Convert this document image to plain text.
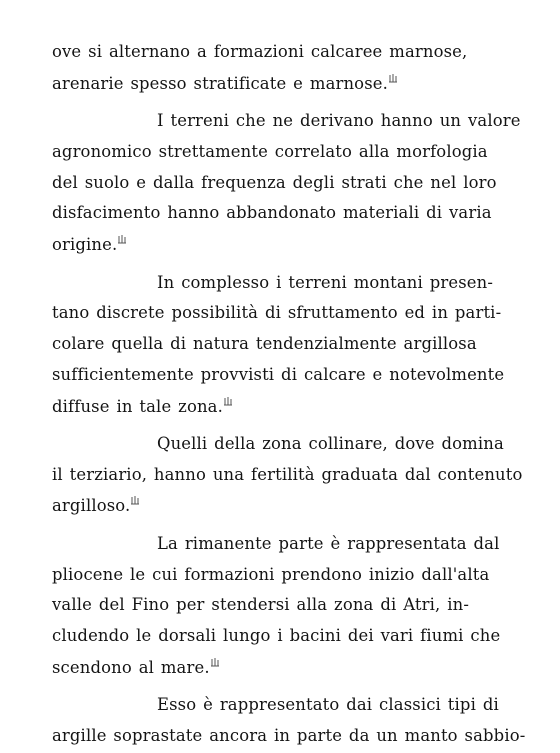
ove si alternano a formazioni calcaree marnose,
arenarie spesso stratificate e marnose.
I terreni che ne derivano hanno un valore
agronomico strettamente correlato alla morfologia
del suolo e dalla frequenza degli strati che nel loro
disfacimento hanno abbandonato materiali di varia
origine.
In complesso i terreni montani presen-
tano discrete possibilità di sfruttamento ed in parti-
colare quella di natura tendenzialmente argillosa
sufficientemente provvisti di calcare e notevolmente
diffuse in tale zona.
Quelli della zona collinare, dove domina
il terziario, hanno una fertilità graduata dal contenuto
argilloso.
La rimanente parte è rappresentata dal
pliocene le cui formazioni prendono inizio dall'alta
valle del Fino per stendersi alla zona di Atri, in-
cludendo le dorsali lungo i bacini dei vari fiumi che
scendono al mare.
Esso è rappresentato dai classici tipi di
argille soprastate ancora in parte da un manto sabbio-
